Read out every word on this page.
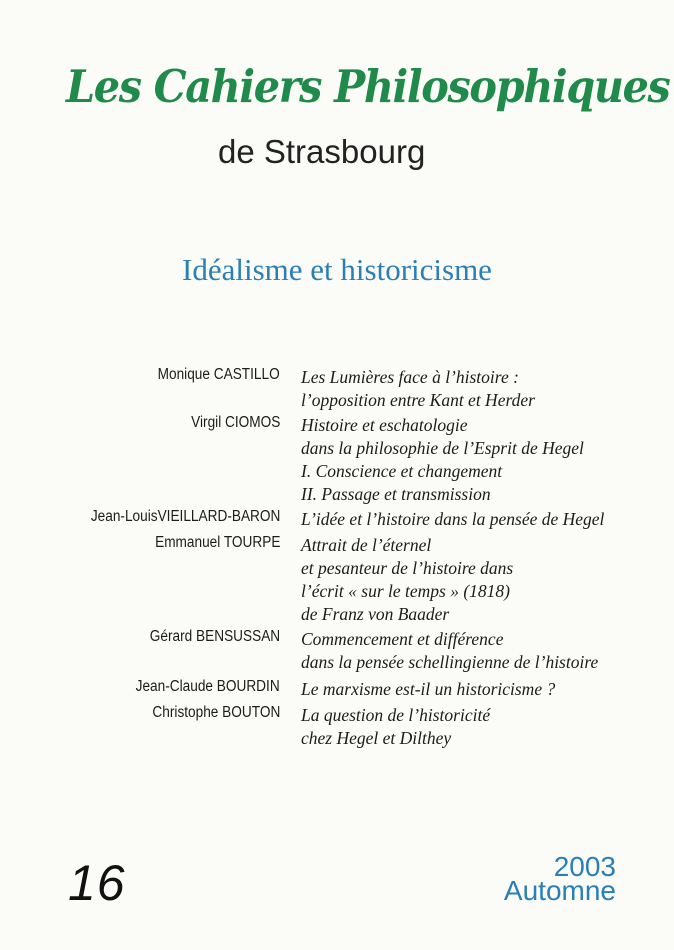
Les Cahiers Philosophiques
de Strasbourg
Idéalisme et historicisme
Monique CASTILLO Les Lumières face à l’histoire :
l’opposition entre Kant et Herder
Virgil CIOMOS Histoire et eschatologie
dans la philosophie de l’Esprit de Hegel
I. Conscience et changement
II. Passage et transmission
Jean-LouisVIEILLARD-BARON L’idée et l’histoire dans la pensée de Hegel
Emmanuel TOURPE Attrait de l’éternel
et pesanteur de l’histoire dans
l’écrit « sur le temps » (1818)
de Franz von Baader
Gérard BENSUSSAN Commencement et différence
dans la pensée schellingienne de l’histoire
Jean-Claude BOURDIN Le marxisme est-il un historicisme ?
Christophe BOUTON La question de l’historicité
chez Hegel et Dilthey
16	2003
Automne
